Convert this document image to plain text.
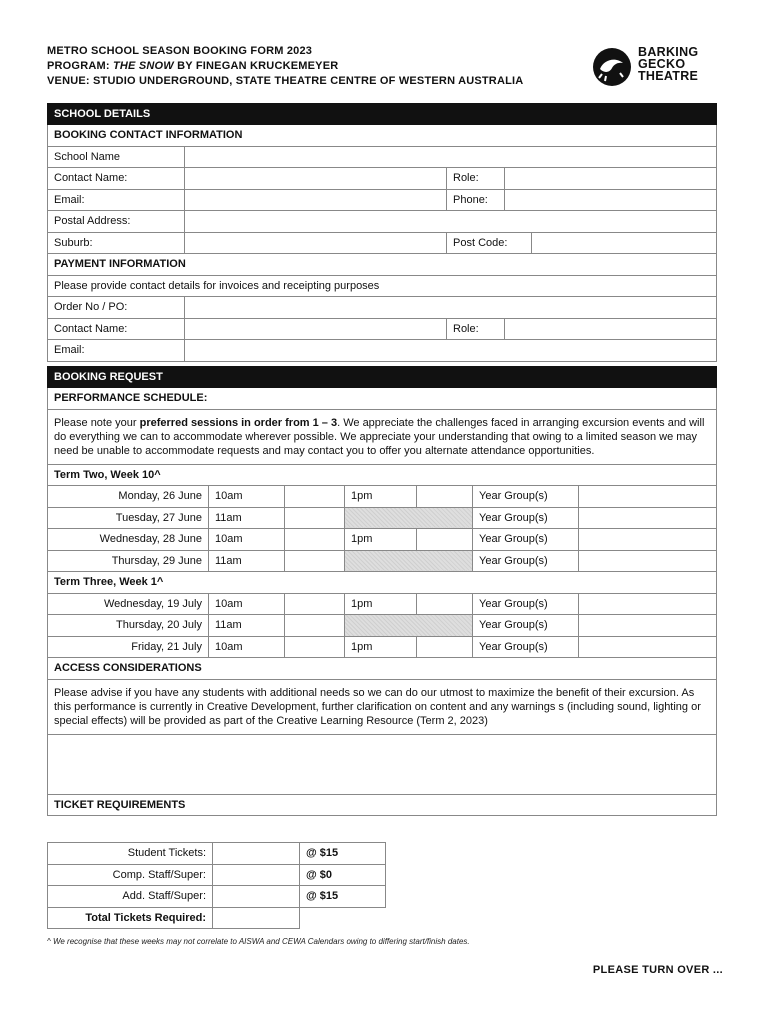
METRO SCHOOL SEASON BOOKING FORM 2023
PROGRAM: THE SNOW BY FINEGAN KRUCKEMEYER
VENUE: STUDIO UNDERGROUND, STATE THEATRE CENTRE OF WESTERN AUSTRALIA
BARKING
GECKO
THEATRE
SCHOOL DETAILS				
BOOKING CONTACT INFORMATION				
School Name				
Contact Name:		Role:		
Email:		Phone:		
Postal Address:				
Suburb:		Post Code:		
PAYMENT INFORMATION				
Please provide contact details for invoices and receipting purposes				
Order No / PO:				
Contact Name:		Role:		
Email:				
BOOKING REQUEST						
PERFORMANCE SCHEDULE:						
Please note your preferred sessions in order from 1 – 3. We appreciate the challenges faced in arranging excursion events and will do everything we can to accommodate wherever possible. We appreciate your understanding that owing to a limited season we may need be unable to accommodate requests and may contact you to offer you alternate attendance opportunities.						
Term Two, Week 10^						
Monday, 26 June	10am		1pm		Year Group(s)	
Tuesday, 27 June	11am				Year Group(s)	
Wednesday, 28 June	10am		1pm		Year Group(s)	
Thursday, 29 June	11am				Year Group(s)	
Term Three, Week 1^						
Wednesday, 19 July	10am		1pm		Year Group(s)	
Thursday, 20 July	11am				Year Group(s)	
Friday, 21 July	10am		1pm		Year Group(s)	
ACCESS CONSIDERATIONS						
Please advise if you have any students with additional needs so we can do our utmost to maximize the benefit of their excursion. As this performance is currently in Creative Development, further clarification on content and any warnings s (including sound, lighting or special effects) will be provided as part of the Creative Learning Resource (Term 2, 2023)						

TICKET REQUIREMENTS						
Student Tickets:		@ $15
Comp. Staff/Super:		@ $0
Add. Staff/Super:		@ $15
Total Tickets Required:		
^ We recognise that these weeks may not correlate to AISWA and CEWA Calendars owing to differing start/finish dates.
PLEASE TURN OVER ...
